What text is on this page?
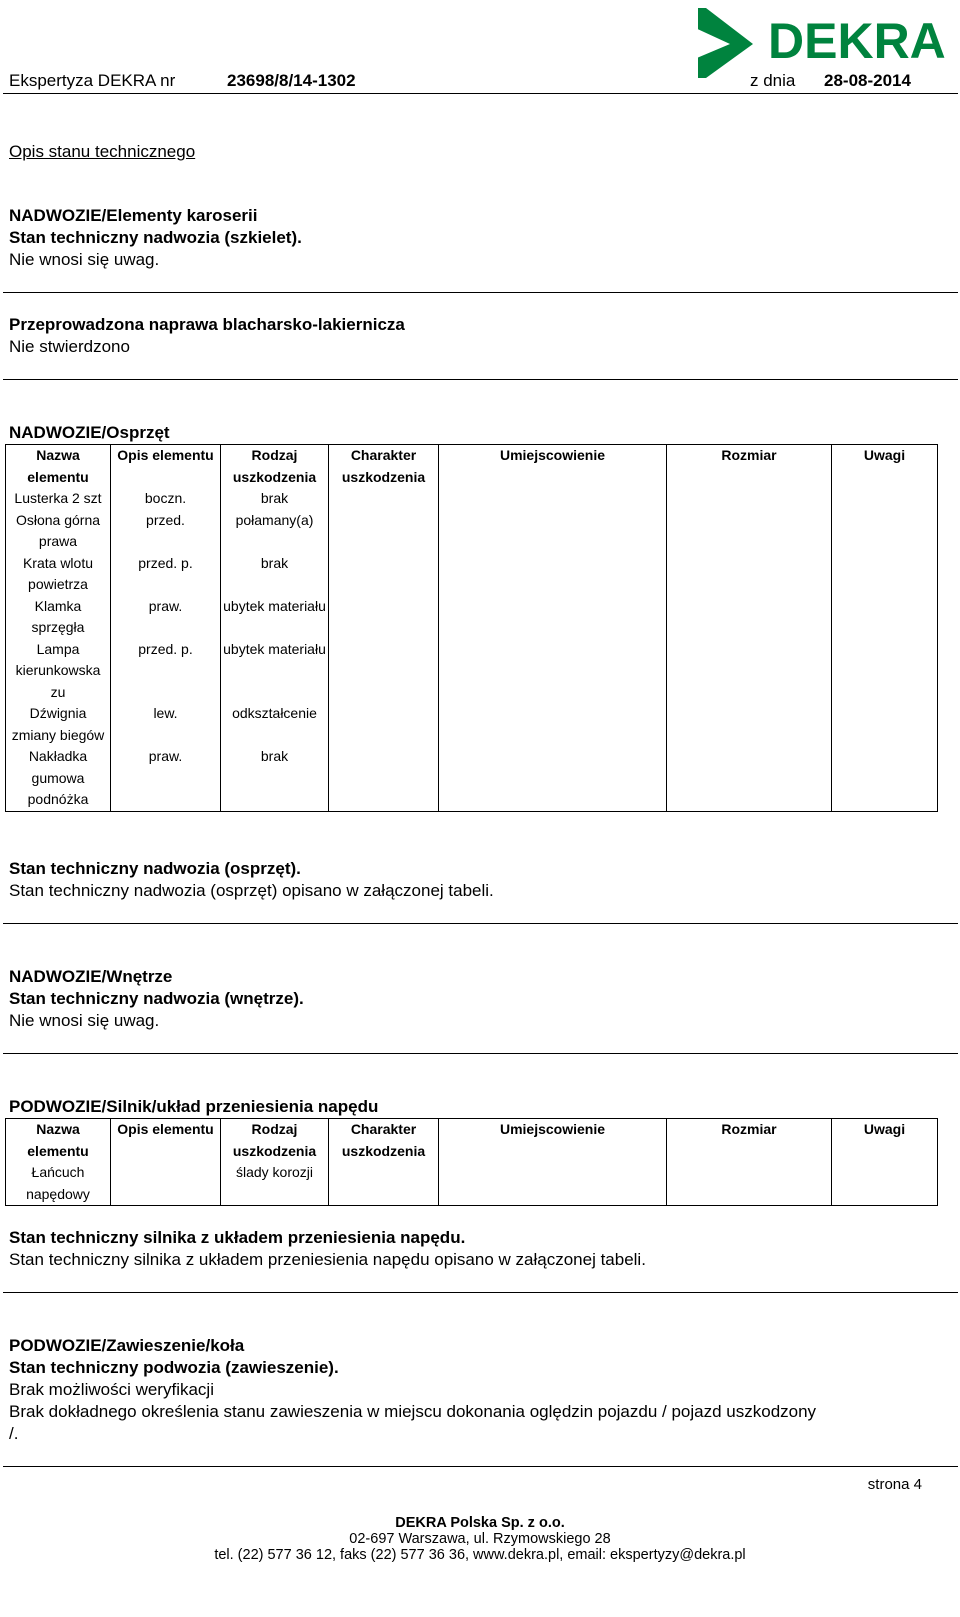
DEKRA
Ekspertyza DEKRA nr	23698/8/14-1302	z dnia 28-08-2014
Opis stanu technicznego
NADWOZIE/Elementy karoserii
Stan techniczny nadwozia (szkielet).
Nie wnosi się uwag.
Przeprowadzona naprawa blacharsko-lakiernicza
Nie stwierdzono
NADWOZIE/Osprzęt
Nazwa elementu	Opis elementu	Rodzaj uszkodzenia	Charakter uszkodzenia	Umiejscowienie	Rozmiar	Uwagi
Lusterka 2 szt	boczn.	brak				
Osłona górna prawa	przed.	połamany(a)				
Krata wlotu powietrza	przed. p.	brak				
Klamka sprzęgła	praw.	ubytek materiału				
Lampa kierunkowska zu	przed. p.	ubytek materiału				
Dźwignia zmiany biegów	lew.	odkształcenie				
Nakładka gumowa podnóżka	praw.	brak				
Stan techniczny nadwozia (osprzęt).
Stan techniczny nadwozia (osprzęt) opisano w załączonej tabeli.
NADWOZIE/Wnętrze
Stan techniczny nadwozia (wnętrze).
Nie wnosi się uwag.
PODWOZIE/Silnik/układ przeniesienia napędu
Nazwa elementu	Opis elementu	Rodzaj uszkodzenia	Charakter uszkodzenia	Umiejscowienie	Rozmiar	Uwagi
Łańcuch napędowy		ślady korozji				
Stan techniczny silnika z układem przeniesienia napędu.
Stan techniczny silnika z układem przeniesienia napędu opisano w załączonej tabeli.
PODWOZIE/Zawieszenie/koła
Stan techniczny podwozia (zawieszenie).
Brak możliwości weryfikacji
Brak dokładnego określenia stanu zawieszenia w miejscu dokonania oględzin pojazdu / pojazd uszkodzony
/.
strona 4
DEKRA Polska Sp. z o.o.
02-697 Warszawa, ul. Rzymowskiego 28
tel. (22) 577 36 12, faks (22) 577 36 36, www.dekra.pl, email: ekspertyzy@dekra.pl
